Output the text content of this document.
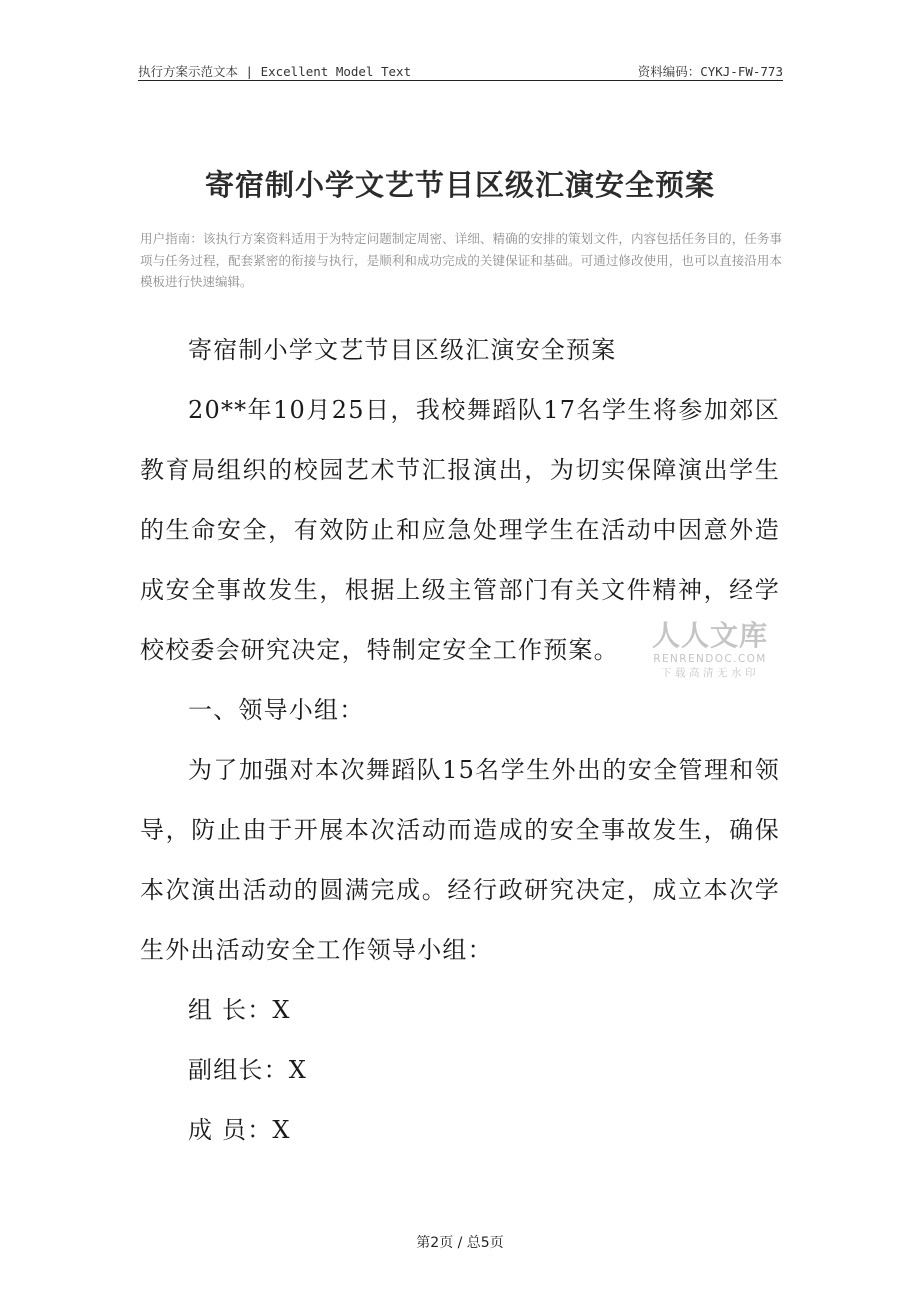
执行方案示范文本 | Excellent Model Text	资料编码：CYKJ-FW-773
寄宿制小学文艺节目区级汇演安全预案
用户指南：该执行方案资料适用于为特定问题制定周密、详细、精确的安排的策划文件，内容包括任务目的，任务事项与任务过程，配套紧密的衔接与执行，是顺利和成功完成的关键保证和基础。可通过修改使用，也可以直接沿用本模板进行快速编辑。

寄宿制小学文艺节目区级汇演安全预案

20**年10月25日，我校舞蹈队17名学生将参加郊区教育局组织的校园艺术节汇报演出，为切实保障演出学生的生命安全，有效防止和应急处理学生在活动中因意外造成安全事故发生，根据上级主管部门有关文件精神，经学校校委会研究决定，特制定安全工作预案。

一、领导小组：

为了加强对本次舞蹈队15名学生外出的安全管理和领导，防止由于开展本次活动而造成的安全事故发生，确保本次演出活动的圆满完成。经行政研究决定，成立本次学生外出活动安全工作领导小组：

组 长：X

副组长：X

成 员：X

人人文库
RENRENDOC.COM
下载高清无水印
第2页 / 总5页
